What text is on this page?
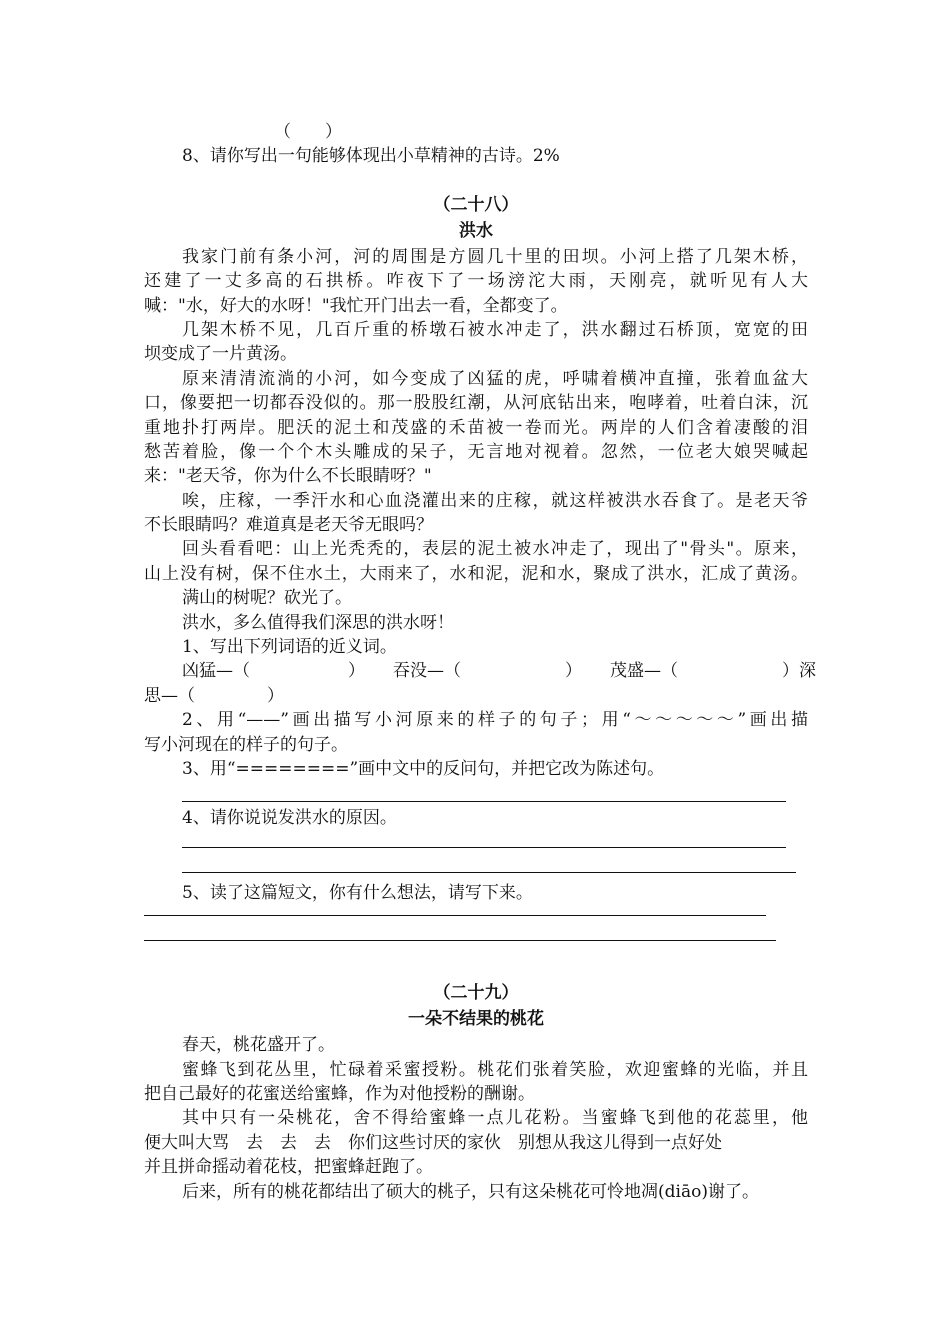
（　　）
8、请你写出一句能够体现出小草精神的古诗。2%
（二十八）
洪水
我家门前有条小河，河的周围是方圆几十里的田坝。小河上搭了几架木桥，
还建了一丈多高的石拱桥。咋夜下了一场滂沱大雨，天刚亮，就听见有人大
喊："水，好大的水呀！"我忙开门出去一看，全都变了。
几架木桥不见，几百斤重的桥墩石被水冲走了，洪水翻过石桥顶，宽宽的田
坝变成了一片黄汤。
原来清清流淌的小河，如今变成了凶猛的虎，呼啸着横冲直撞，张着血盆大
口，像要把一切都吞没似的。那一股股红潮，从河底钻出来，咆哮着，吐着白沫，沉
重地扑打两岸。肥沃的泥土和茂盛的禾苗被一卷而光。两岸的人们含着凄酸的泪
愁苦着脸，像一个个木头雕成的呆子，无言地对视着。忽然，一位老大娘哭喊起
来："老天爷，你为什么不长眼睛呀？"
唉，庄稼，一季汗水和心血浇灌出来的庄稼，就这样被洪水吞食了。是老天爷
不长眼睛吗？难道真是老天爷无眼吗？
回头看看吧：山上光秃秃的，表层的泥土被水冲走了，现出了"骨头"。原来，
山上没有树，保不住水土，大雨来了，水和泥，泥和水，聚成了洪水，汇成了黄汤。
满山的树呢？砍光了。
洪水，多么值得我们深思的洪水呀！
1、写出下列词语的近义词。
凶猛—（	） 吞没—（	） 茂盛—（	）深
思—（	）
2、用“——”画出描写小河原来的样子的句子；用“～～～～～”画出描
写小河现在的样子的句子。
3、用“========”画中文中的反问句，并把它改为陈述句。
4、请你说说发洪水的原因。
5、读了这篇短文，你有什么想法，请写下来。
（二十九）
一朵不结果的桃花
春天，桃花盛开了。
蜜蜂飞到花丛里，忙碌着采蜜授粉。桃花们张着笑脸，欢迎蜜蜂的光临，并且
把自己最好的花蜜送给蜜蜂，作为对他授粉的酬谢。
其中只有一朵桃花，舍不得给蜜蜂一点儿花粉。当蜜蜂飞到他的花蕊里，他
便大叫大骂　去　去　去　你们这些讨厌的家伙　别想从我这儿得到一点好处
并且拼命摇动着花枝，把蜜蜂赶跑了。
后来，所有的桃花都结出了硕大的桃子，只有这朵桃花可怜地凋(diāo)谢了。
